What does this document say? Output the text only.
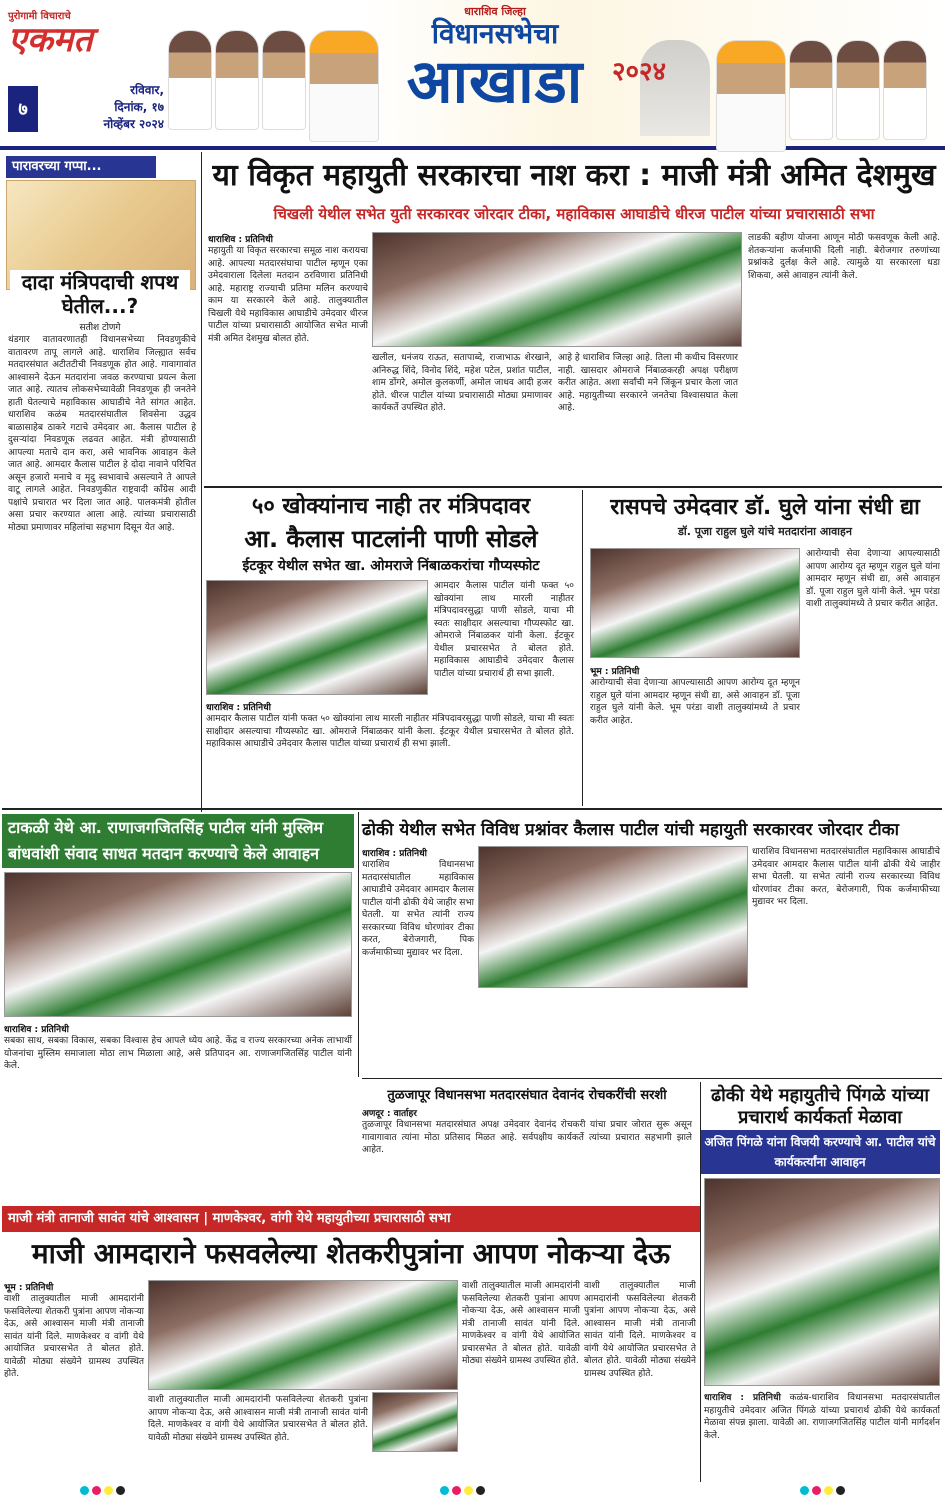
पुरोगामी विचाराचे
एकमत
७
रविवार,
दिनांक, १७
नोव्हेंबर २०२४
धाराशिव जिल्हा
विधानसभेचा
आखाडा	२०२४
पारावरच्या गप्पा...
दादा मंत्रिपदाची शपथ घेतील...?
सतीश टोणगे
थंडगार वातावरणातही विधानसभेच्या निवडणुकीचे वातावरण तापू लागले आहे. धाराशिव जिल्ह्यात सर्वच मतदारसंघात अटीतटीची निवडणूक होत आहे. गावागावांत आश्वासने देऊन मतदारांना जवळ करण्याचा प्रयत्न केला जात आहे. त्यातच लोकसभेच्यावेळी निवडणूक ही जनतेने हाती घेतल्याचे महाविकास आघाडीचे नेते सांगत आहेत. धाराशिव कळंब मतदारसंघातील शिवसेना उद्धव बाळासाहेब ठाकरे गटाचे उमेदवार आ. कैलास पाटील हे दुसऱ्यांदा निवडणूक लढवत आहेत. मंत्री होण्यासाठी आपल्या मताचे दान करा, असे भावनिक आवाहन केले जात आहे. आमदार कैलास पाटील हे दोदा नावाने परिचित असून हजारो मनाचे व मृदु स्वभावाचे असल्याने ते आपले वाटू लागले आहेत. निवडणुकीत राष्ट्रवादी काँग्रेस आदी पक्षांचे प्रचारात भर दिला जात आहे. पालकमंत्री होतील असा प्रचार करण्यात आला आहे. त्यांच्या प्रचारासाठी मोठ्या प्रमाणावर महिलांचा सहभाग दिसून येत आहे.
या विकृत महायुती सरकारचा नाश करा : माजी मंत्री अमित देशमुख
चिखली येथील सभेत युती सरकारवर जोरदार टीका, महाविकास आघाडीचे धीरज पाटील यांच्या प्रचारासाठी सभा
धाराशिव : प्रतिनिधी
महायुती या विकृत सरकारचा समूळ नाश करायचा आहे. आपल्या मतदारसंघाचा पाटील म्हणून एका उमेदवाराला दिलेला मतदान ठरविणारा प्रतिनिधी आहे. महाराष्ट्र राज्याची प्रतिमा मलिन करण्याचे काम या सरकारने केले आहे. तालुक्यातील चिखली येथे महाविकास आघाडीचे उमेदवार धीरज पाटील यांच्या प्रचारासाठी आयोजित सभेत माजी मंत्री अमित देशमुख बोलत होते.
खलील, धनंजय राऊत, सतापाब्दे, राजाभाऊ शेरखाने, अनिरुद्ध शिंदे, विनोद शिंदे, महेश पटेल, प्रशांत पाटील, शाम डोंगरे, अमोल कुलकर्णी, अमोल जाधव आदी हजर होते. धीरज पाटील यांच्या प्रचारासाठी मोठ्या प्रमाणावर कार्यकर्ते उपस्थित होते.
आहे हे धाराशिव जिल्हा आहे. तिला मी कधीच विसरणार नाही. खासदार ओमराजे निंबाळकरही अपक्ष परीक्षण करीत आहेत. अशा सर्वांची मने जिंकून प्रचार केला जात आहे. महायुतीच्या सरकारने जनतेचा विश्वासघात केला आहे.
लाडकी बहीण योजना आणून मोठी फसवणूक केली आहे. शेतकऱ्यांना कर्जमाफी दिली नाही. बेरोजगार तरुणांच्या प्रश्नांकडे दुर्लक्ष केले आहे. त्यामुळे या सरकारला धडा शिकवा, असे आवाहन त्यांनी केले.
५० खोक्यांनाच नाही तर मंत्रिपदावर
आ. कैलास पाटलांनी पाणी सोडले
ईटकूर येथील सभेत खा. ओमराजे निंबाळकरांचा गौप्यस्फोट
धाराशिव : प्रतिनिधी
आमदार कैलास पाटील यांनी फक्त ५० खोक्यांना लाथ मारली नाहीतर मंत्रिपदावरसुद्धा पाणी सोडले, याचा मी स्वतः साक्षीदार असल्याचा गौप्यस्फोट खा. ओमराजे निंबाळकर यांनी केला. ईटकूर येथील प्रचारसभेत ते बोलत होते. महाविकास आघाडीचे उमेदवार कैलास पाटील यांच्या प्रचारार्थ ही सभा झाली.
आमदार कैलास पाटील यांनी फक्त ५० खोक्यांना लाथ मारली नाहीतर मंत्रिपदावरसुद्धा पाणी सोडले, याचा मी स्वतः साक्षीदार असल्याचा गौप्यस्फोट खा. ओमराजे निंबाळकर यांनी केला. ईटकूर येथील प्रचारसभेत ते बोलत होते. महाविकास आघाडीचे उमेदवार कैलास पाटील यांच्या प्रचारार्थ ही सभा झाली.
रासपचे उमेदवार डॉ. घुले यांना संधी द्या
डॉ. पूजा राहुल घुले यांचे मतदारांना आवाहन
भूम : प्रतिनिधी
आरोग्याची सेवा देणाऱ्या आपल्यासाठी आपण आरोग्य दूत म्हणून राहुल घुले यांना आमदार म्हणून संधी द्या, असे आवाहन डॉ. पूजा राहुल घुले यांनी केले. भूम परंडा वाशी तालुक्यांमध्ये ते प्रचार करीत आहेत.
आरोग्याची सेवा देणाऱ्या आपल्यासाठी आपण आरोग्य दूत म्हणून राहुल घुले यांना आमदार म्हणून संधी द्या, असे आवाहन डॉ. पूजा राहुल घुले यांनी केले. भूम परंडा वाशी तालुक्यांमध्ये ते प्रचार करीत आहेत.
टाकळी येथे आ. राणाजगजितसिंह पाटील यांनी मुस्लिम बांधवांशी संवाद साधत मतदान करण्याचे केले आवाहन
धाराशिव : प्रतिनिधी
सबका साथ, सबका विकास, सबका विश्वास हेच आपले ध्येय आहे. केंद्र व राज्य सरकारच्या अनेक लाभार्थी योजनांचा मुस्लिम समाजाला मोठा लाभ मिळाला आहे, असे प्रतिपादन आ. राणाजगजितसिंह पाटील यांनी केले.
ढोकी येथील सभेत विविध प्रश्नांवर कैलास पाटील यांची महायुती सरकारवर जोरदार टीका
धाराशिव : प्रतिनिधी
धाराशिव विधानसभा मतदारसंघातील महाविकास आघाडीचे उमेदवार आमदार कैलास पाटील यांनी ढोकी येथे जाहीर सभा घेतली. या सभेत त्यांनी राज्य सरकारच्या विविध धोरणांवर टीका करत, बेरोजगारी, पिक कर्जमाफीच्या मुद्यावर भर दिला.
धाराशिव विधानसभा मतदारसंघातील महाविकास आघाडीचे उमेदवार आमदार कैलास पाटील यांनी ढोकी येथे जाहीर सभा घेतली. या सभेत त्यांनी राज्य सरकारच्या विविध धोरणांवर टीका करत, बेरोजगारी, पिक कर्जमाफीच्या मुद्यावर भर दिला.
तुळजापूर विधानसभा मतदारसंघात देवानंद रोचकरींची सरशी
अणदूर : वार्ताहर
तुळजापूर विधानसभा मतदारसंघात अपक्ष उमेदवार देवानंद रोचकरी यांचा प्रचार जोरात सुरू असून गावागावात त्यांना मोठा प्रतिसाद मिळत आहे. सर्वपक्षीय कार्यकर्ते त्यांच्या प्रचारात सहभागी झाले आहेत.
ढोकी येथे महायुतीचे पिंगळे यांच्या प्रचारार्थ कार्यकर्ता मेळावा
अजित पिंगळे यांना विजयी करण्याचे आ. पाटील यांचे कार्यकर्त्यांना आवाहन
धाराशिव : प्रतिनिधी कळंब-धाराशिव विधानसभा मतदारसंघातील महायुतीचे उमेदवार अजित पिंगळे यांच्या प्रचारार्थ ढोकी येथे कार्यकर्ता मेळावा संपन्न झाला. यावेळी आ. राणाजगजितसिंह पाटील यांनी मार्गदर्शन केले.
माजी मंत्री तानाजी सावंत यांचे आश्वासन | माणकेश्वर, वांगी येथे महायुतीच्या प्रचारासाठी सभा
माजी आमदाराने फसवलेल्या शेतकरीपुत्रांना आपण नोकऱ्या देऊ
भूम : प्रतिनिधी
वाशी तालुक्यातील माजी आमदारांनी फसविलेल्या शेतकरी पुत्रांना आपण नोकऱ्या देऊ, असे आश्वासन माजी मंत्री तानाजी सावंत यांनी दिले. माणकेश्वर व वांगी येथे आयोजित प्रचारसभेत ते बोलत होते. यावेळी मोठ्या संख्येने ग्रामस्थ उपस्थित होते.
वाशी तालुक्यातील माजी आमदारांनी फसविलेल्या शेतकरी पुत्रांना आपण नोकऱ्या देऊ, असे आश्वासन माजी मंत्री तानाजी सावंत यांनी दिले. माणकेश्वर व वांगी येथे आयोजित प्रचारसभेत ते बोलत होते. यावेळी मोठ्या संख्येने ग्रामस्थ उपस्थित होते.
वाशी तालुक्यातील माजी आमदारांनी फसविलेल्या शेतकरी पुत्रांना आपण नोकऱ्या देऊ, असे आश्वासन माजी मंत्री तानाजी सावंत यांनी दिले. माणकेश्वर व वांगी येथे आयोजित प्रचारसभेत ते बोलत होते. यावेळी मोठ्या संख्येने ग्रामस्थ उपस्थित होते.
वाशी तालुक्यातील माजी आमदारांनी फसविलेल्या शेतकरी पुत्रांना आपण नोकऱ्या देऊ, असे आश्वासन माजी मंत्री तानाजी सावंत यांनी दिले. माणकेश्वर व वांगी येथे आयोजित प्रचारसभेत ते बोलत होते. यावेळी मोठ्या संख्येने ग्रामस्थ उपस्थित होते.
